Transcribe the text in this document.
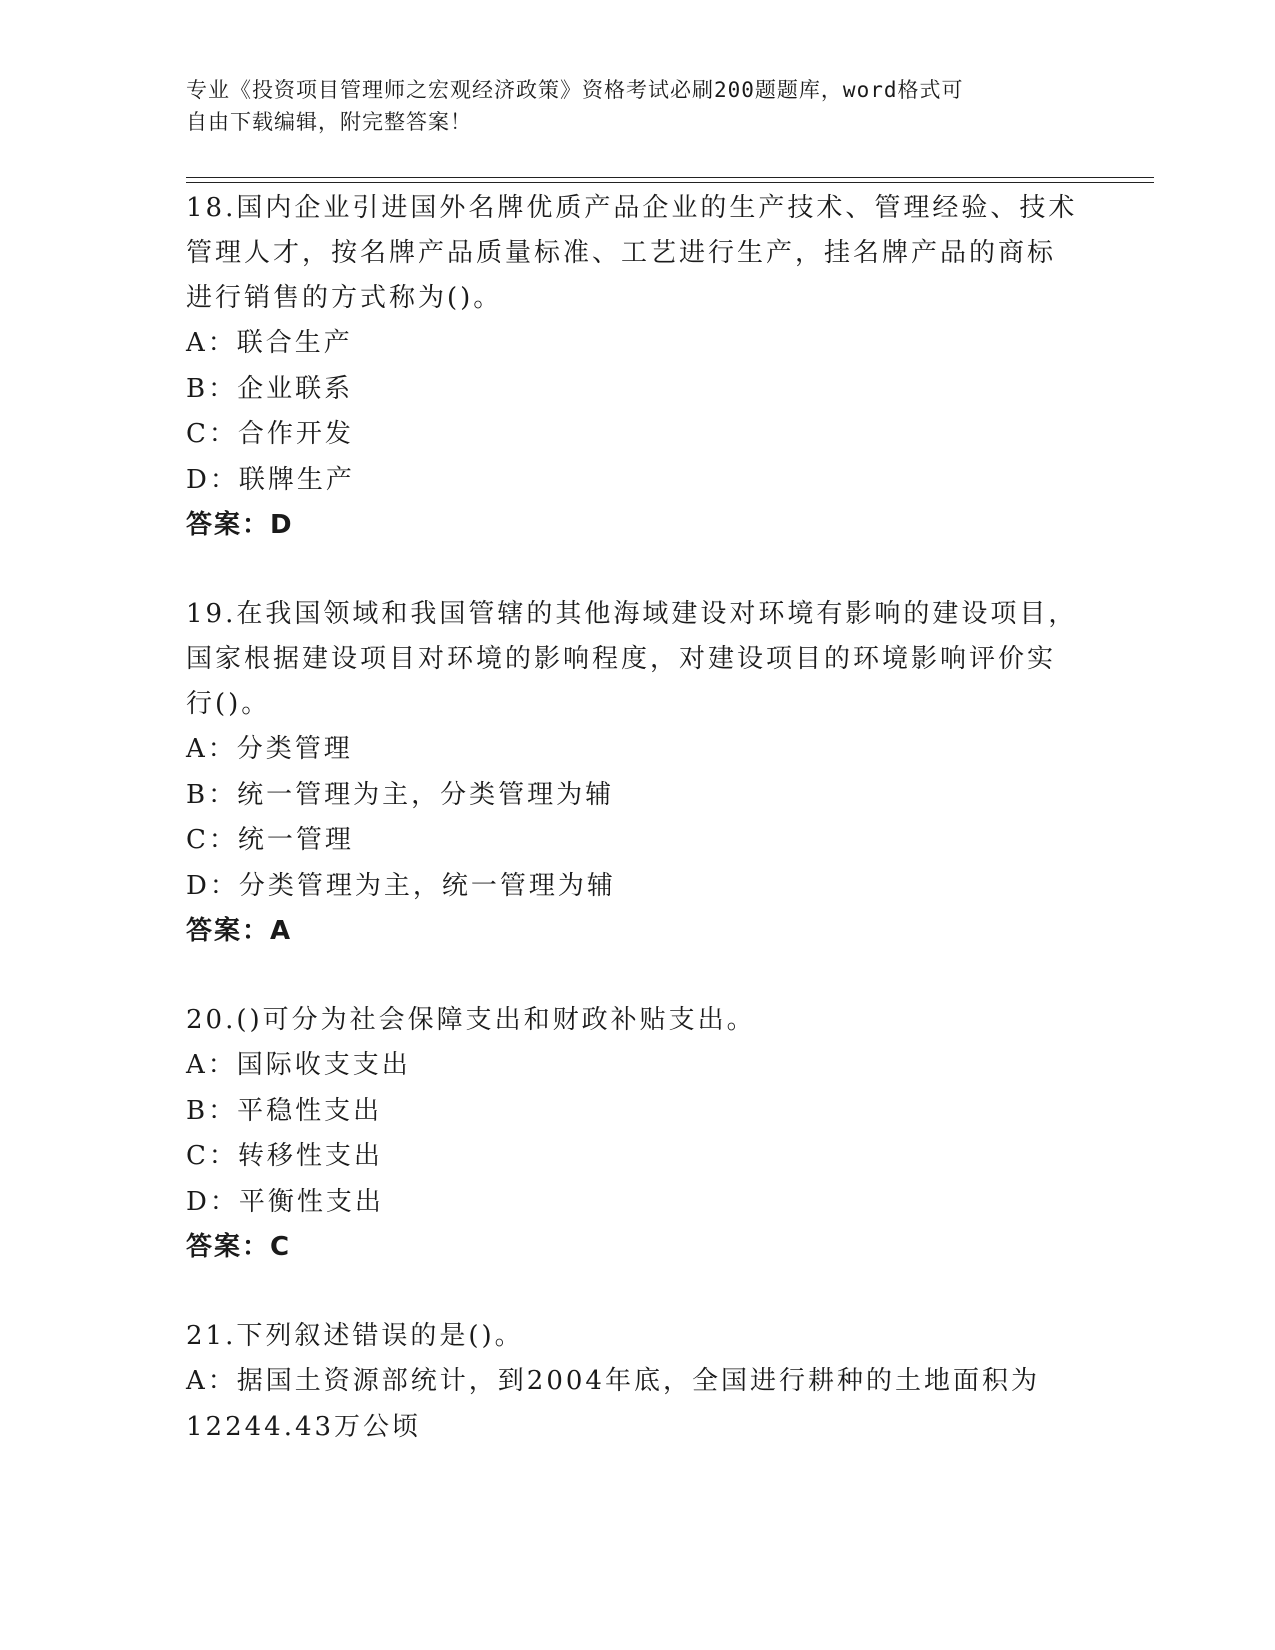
专业《投资项目管理师之宏观经济政策》资格考试必刷200题题库，word格式可
自由下载编辑，附完整答案！
18.国内企业引进国外名牌优质产品企业的生产技术、管理经验、技术
管理人才，按名牌产品质量标准、工艺进行生产，挂名牌产品的商标
进行销售的方式称为()。
A：联合生产
B：企业联系
C：合作开发
D：联牌生产
答案：D
19.在我国领域和我国管辖的其他海域建设对环境有影响的建设项目，
国家根据建设项目对环境的影响程度，对建设项目的环境影响评价实
行()。
A：分类管理
B：统一管理为主，分类管理为辅
C：统一管理
D：分类管理为主，统一管理为辅
答案：A
20.()可分为社会保障支出和财政补贴支出。
A：国际收支支出
B：平稳性支出
C：转移性支出
D：平衡性支出
答案：C
21.下列叙述错误的是()。
A：据国土资源部统计，到2004年底，全国进行耕种的土地面积为
12244.43万公顷
